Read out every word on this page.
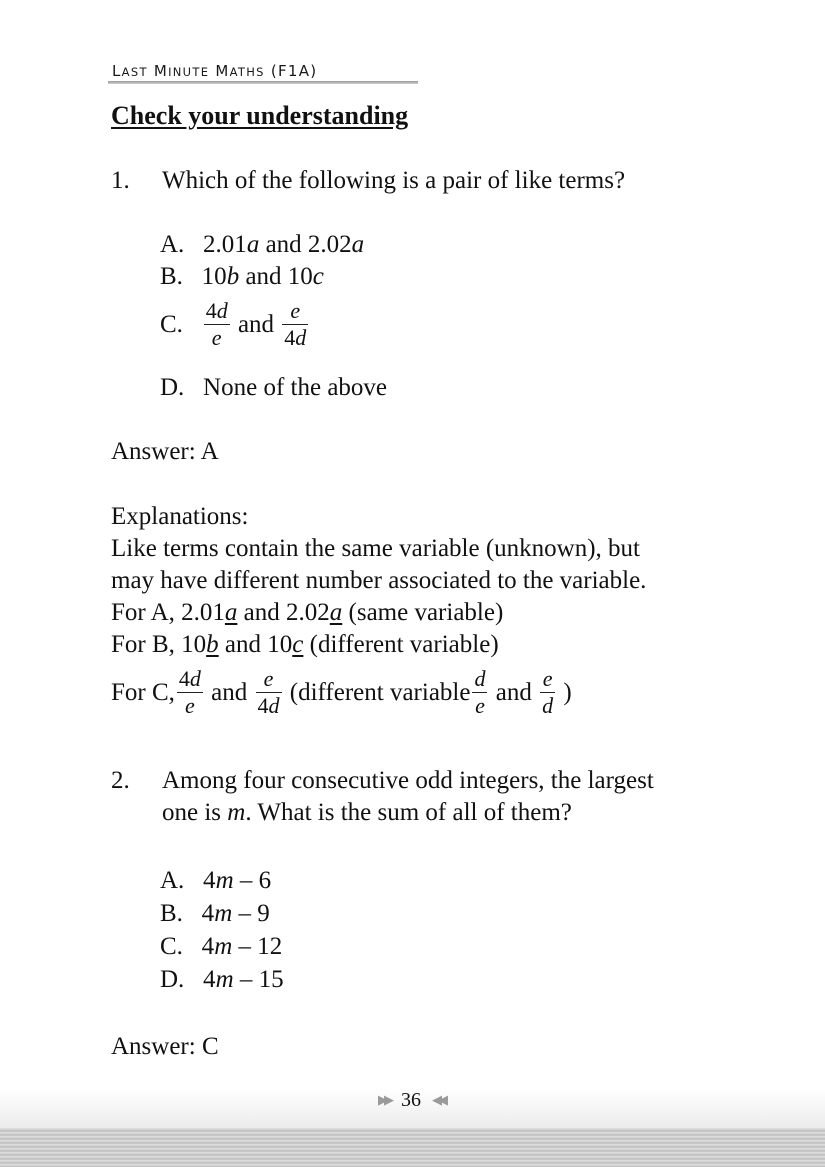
LAST MINUTE MATHS (F1A)
Check your understanding
1. Which of the following is a pair of like terms?
A.   2.01a and 2.02a
B.   10b and 10c
C. $\frac{4d}{e}$ and $\frac{e}{4d}$
D.   None of the above
Answer: A
Explanations:
Like terms contain the same variable (unknown), but
may have different number associated to the variable.
For A, 2.01a and 2.02a (same variable)
For B, 10b and 10c (different variable)
For C, $\frac{4d}{e}$ and $\frac{e}{4d}$ (different variable $\frac{d}{e}$ and $\frac{e}{d}$ )
2. Among four consecutive odd integers, the largest
one is m. What is the sum of all of them?
A.   4m – 6
B.   4m – 9
C.   4m – 12
D.   4m – 15
Answer: C
▶▶ 36 ◀◀
